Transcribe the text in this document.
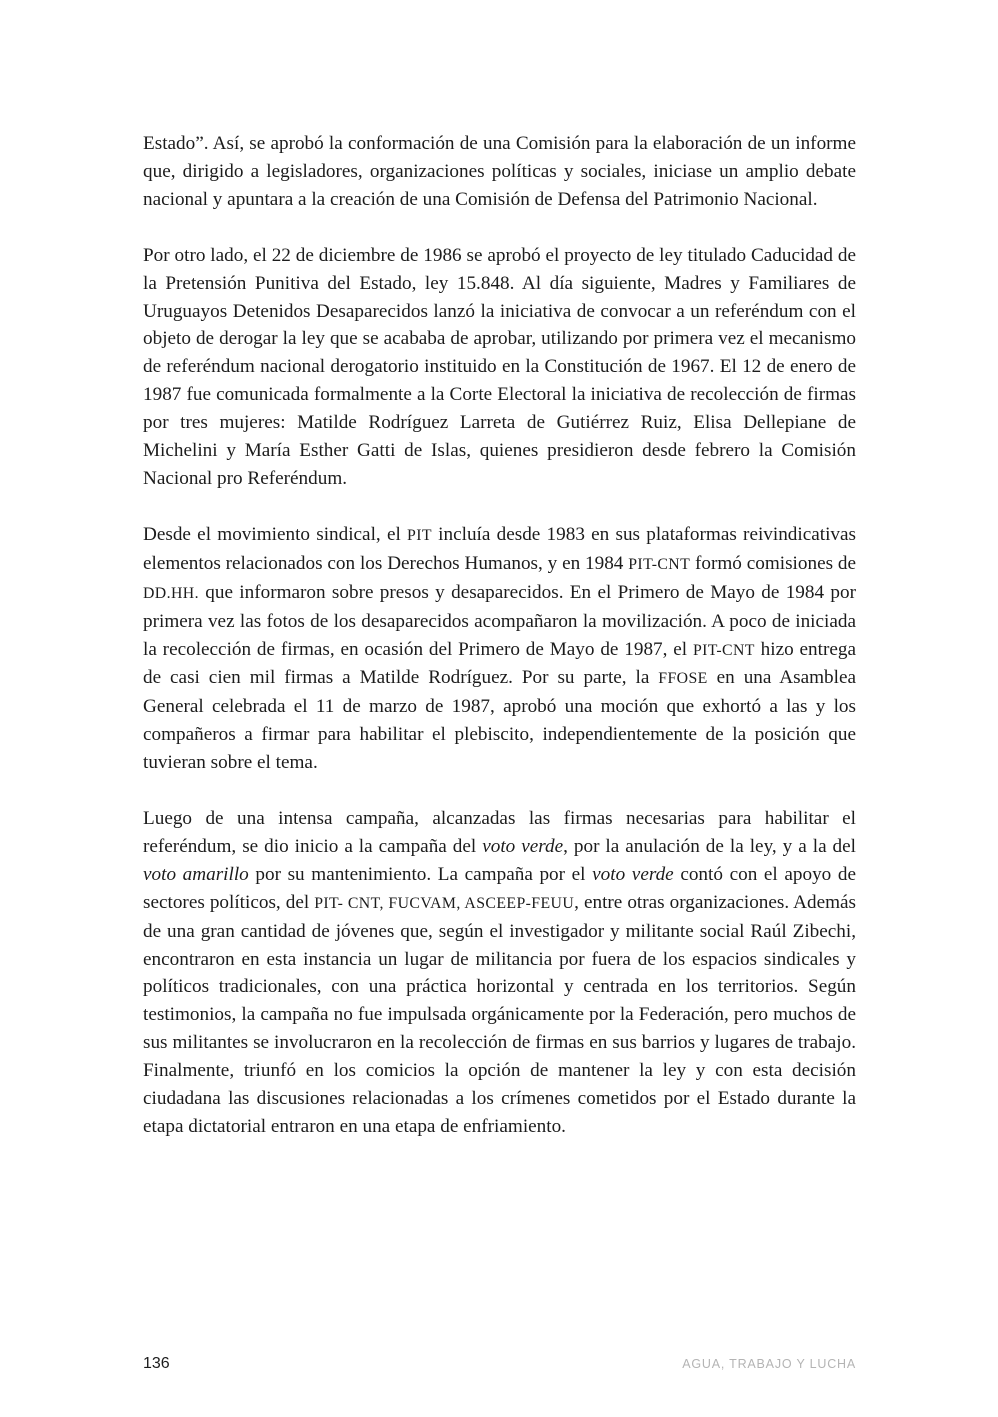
Estado”. Así, se aprobó la conformación de una Comisión para la elaboración de un informe que, dirigido a legisladores, organizaciones políticas y sociales, iniciase un amplio debate nacional y apuntara a la creación de una Comisión de Defensa del Patrimonio Nacional.

Por otro lado, el 22 de diciembre de 1986 se aprobó el proyecto de ley titulado Caducidad de la Pretensión Punitiva del Estado, ley 15.848. Al día siguiente, Madres y Familiares de Uruguayos Detenidos Desaparecidos lanzó la iniciativa de convocar a un referéndum con el objeto de derogar la ley que se acababa de aprobar, utilizando por primera vez el mecanismo de referéndum nacional derogatorio instituido en la Constitución de 1967. El 12 de enero de 1987 fue comunicada formalmente a la Corte Electoral la iniciativa de recolección de firmas por tres mujeres: Matilde Rodríguez Larreta de Gutiérrez Ruiz, Elisa Dellepiane de Michelini y María Esther Gatti de Islas, quienes presidieron desde febrero la Comisión Nacional pro Referéndum.

Desde el movimiento sindical, el PIT incluía desde 1983 en sus plataformas reivindicativas elementos relacionados con los Derechos Humanos, y en 1984 PIT-CNT formó comisiones de DD.HH. que informaron sobre presos y desaparecidos. En el Primero de Mayo de 1984 por primera vez las fotos de los desaparecidos acompañaron la movilización. A poco de iniciada la recolección de firmas, en ocasión del Primero de Mayo de 1987, el PIT-CNT hizo entrega de casi cien mil firmas a Matilde Rodríguez. Por su parte, la FFOSE en una Asamblea General celebrada el 11 de marzo de 1987, aprobó una moción que exhortó a las y los compañeros a firmar para habilitar el plebiscito, independientemente de la posición que tuvieran sobre el tema.

Luego de una intensa campaña, alcanzadas las firmas necesarias para habilitar el referéndum, se dio inicio a la campaña del voto verde, por la anulación de la ley, y a la del voto amarillo por su mantenimiento. La campaña por el voto verde contó con el apoyo de sectores políticos, del PIT- CNT, FUCVAM, ASCEEP-FEUU, entre otras organizaciones. Además de una gran cantidad de jóvenes que, según el investigador y militante social Raúl Zibechi, encontraron en esta instancia un lugar de militancia por fuera de los espacios sindicales y políticos tradicionales, con una práctica horizontal y centrada en los territorios. Según testimonios, la campaña no fue impulsada orgánicamente por la Federación, pero muchos de sus militantes se involucraron en la recolección de firmas en sus barrios y lugares de trabajo. Finalmente, triunfó en los comicios la opción de mantener la ley y con esta decisión ciudadana las discusiones relacionadas a los crímenes cometidos por el Estado durante la etapa dictatorial entraron en una etapa de enfriamiento.

136	AGUA, TRABAJO Y LUCHA
